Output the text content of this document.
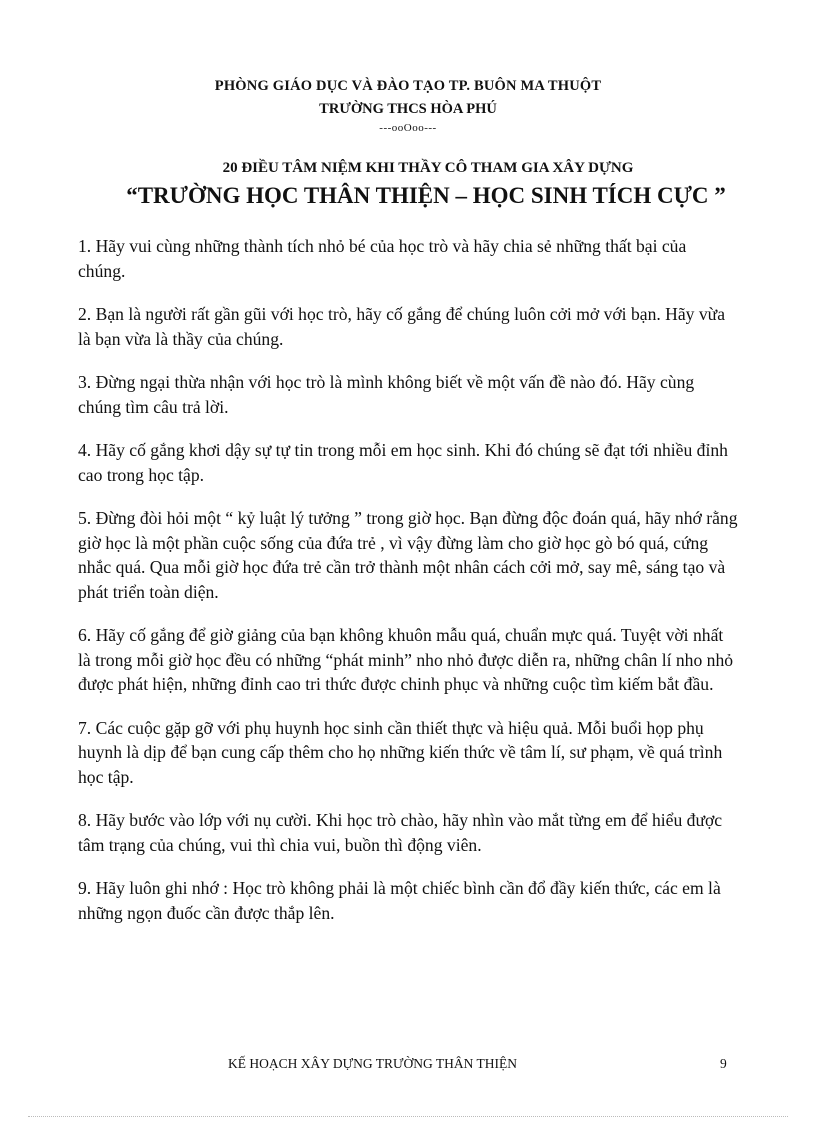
PHÒNG GIÁO DỤC VÀ ĐÀO TẠO TP. BUÔN MA THUỘT
TRƯỜNG THCS HÒA PHÚ
---ooOoo---
20 ĐIỀU TÂM NIỆM KHI THẦY CÔ THAM GIA XÂY DỰNG
“TRƯỜNG HỌC THÂN THIỆN – HỌC SINH TÍCH CỰC ”

1. Hãy vui cùng những thành tích nhỏ bé của học trò và hãy chia sẻ những thất bại của chúng.

2. Bạn là người rất gần gũi với học trò, hãy cố gắng để chúng luôn cởi mở với bạn. Hãy vừa là bạn vừa là thầy của chúng.

3. Đừng ngại thừa nhận với học trò là mình không biết về một vấn đề nào đó. Hãy cùng chúng tìm câu trả lời.

4. Hãy cố gắng khơi dậy sự tự tin trong mỗi em học sinh. Khi đó chúng sẽ đạt tới nhiều đỉnh cao trong học tập.

5. Đừng đòi hỏi một “ kỷ luật lý tưởng ” trong giờ học. Bạn đừng độc đoán quá, hãy nhớ rằng giờ học là một phần cuộc sống của đứa trẻ , vì vậy đừng làm cho giờ học gò bó quá, cứng nhắc quá. Qua mỗi giờ học đứa trẻ cần trở thành một nhân cách cởi mở, say mê, sáng tạo và phát triển toàn diện.

6. Hãy cố gắng để giờ giảng của bạn không khuôn mẫu quá, chuẩn mực quá. Tuyệt vời nhất là trong mỗi giờ học đều có những “phát minh” nho nhỏ được diễn ra, những chân lí nho nhỏ được phát hiện, những đỉnh cao tri thức được chinh phục và những cuộc tìm kiếm bắt đầu.

7. Các cuộc gặp gỡ với phụ huynh học sinh cần thiết thực và hiệu quả. Mỗi buổi họp phụ huynh là dịp để bạn cung cấp thêm cho họ những kiến thức về tâm lí, sư phạm, về quá trình học tập.

8. Hãy bước vào lớp với nụ cười. Khi học trò chào, hãy nhìn vào mắt từng em để hiểu được tâm trạng của chúng, vui thì chia vui, buồn thì động viên.

9. Hãy luôn ghi nhớ : Học trò không phải là một chiếc bình cần đổ đầy kiến thức, các em là những ngọn đuốc cần được thắp lên.

KẾ HOẠCH XÂY DỰNG TRƯỜNG THÂN THIỆN	9
